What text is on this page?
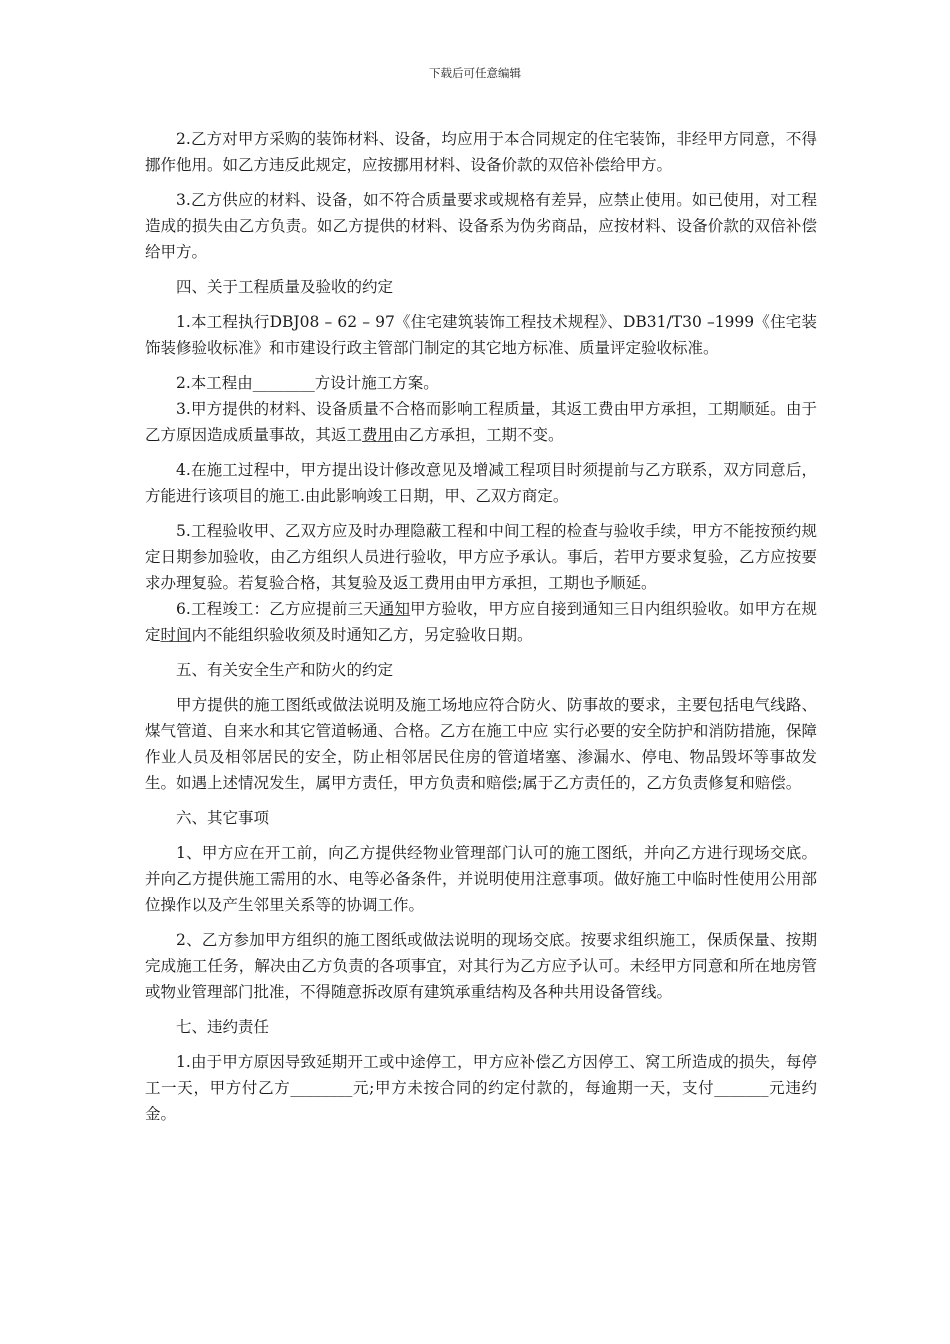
下载后可任意编辑

2.乙方对甲方采购的装饰材料、设备，均应用于本合同规定的住宅装饰，非经甲方同意，不得挪作他用。如乙方违反此规定，应按挪用材料、设备价款的双倍补偿给甲方。

3.乙方供应的材料、设备，如不符合质量要求或规格有差异，应禁止使用。如已使用，对工程造成的损失由乙方负责。如乙方提供的材料、设备系为伪劣商品，应按材料、设备价款的双倍补偿给甲方。

四、关于工程质量及验收的约定

1.本工程执行DBJ08 – 62 – 97《住宅建筑装饰工程技术规程》、DB31/T30 –1999《住宅装饰装修验收标准》和市建设行政主管部门制定的其它地方标准、质量评定验收标准。

2.本工程由________方设计施工方案。

3.甲方提供的材料、设备质量不合格而影响工程质量，其返工费由甲方承担，工期顺延。由于乙方原因造成质量事故，其返工费用由乙方承担，工期不变。

4.在施工过程中，甲方提出设计修改意见及增减工程项目时须提前与乙方联系，双方同意后，方能进行该项目的施工.由此影响竣工日期，甲、乙双方商定。

5.工程验收甲、乙双方应及时办理隐蔽工程和中间工程的检查与验收手续，甲方不能按预约规定日期参加验收，由乙方组织人员进行验收，甲方应予承认。事后，若甲方要求复验，乙方应按要求办理复验。若复验合格，其复验及返工费用由甲方承担，工期也予顺延。

6.工程竣工：乙方应提前三天通知甲方验收，甲方应自接到通知三日内组织验收。如甲方在规定时间内不能组织验收须及时通知乙方，另定验收日期。

五、有关安全生产和防火的约定

甲方提供的施工图纸或做法说明及施工场地应符合防火、防事故的要求，主要包括电气线路、煤气管道、自来水和其它管道畅通、合格。乙方在施工中应 实行必要的安全防护和消防措施，保障作业人员及相邻居民的安全，防止相邻居民住房的管道堵塞、渗漏水、停电、物品毁坏等事故发生。如遇上述情况发生，属甲方责任，甲方负责和赔偿;属于乙方责任的，乙方负责修复和赔偿。

六、其它事项

1、甲方应在开工前，向乙方提供经物业管理部门认可的施工图纸，并向乙方进行现场交底。并向乙方提供施工需用的水、电等必备条件，并说明使用注意事项。做好施工中临时性使用公用部位操作以及产生邻里关系等的协调工作。

2、乙方参加甲方组织的施工图纸或做法说明的现场交底。按要求组织施工，保质保量、按期完成施工任务，解决由乙方负责的各项事宜，对其行为乙方应予认可。未经甲方同意和所在地房管或物业管理部门批准，不得随意拆改原有建筑承重结构及各种共用设备管线。

七、违约责任

1.由于甲方原因导致延期开工或中途停工，甲方应补偿乙方因停工、窝工所造成的损失，每停工一天，甲方付乙方________元;甲方未按合同的约定付款的，每逾期一天，支付_______元违约金。
